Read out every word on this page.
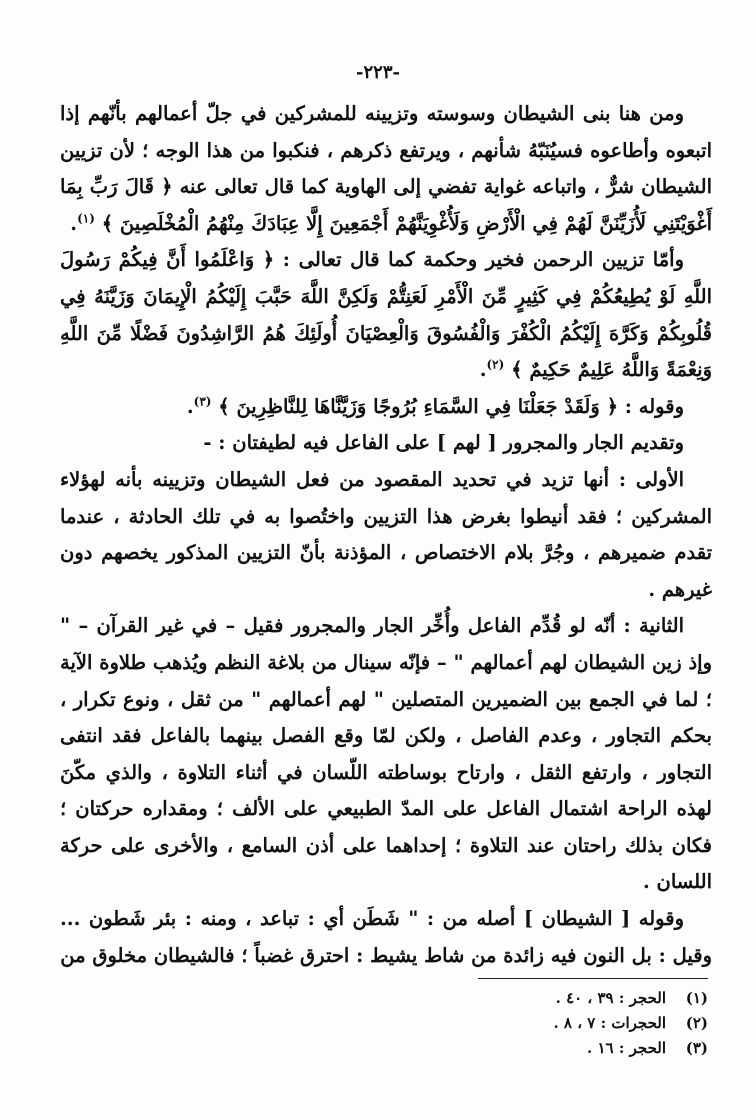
-٢٢٣-

ومن هنا بنى الشيطان وسوسته وتزيينه للمشركين في جلّ أعمالهم بأنّهم إذا اتبعوه وأطاعوه فسيُنَبّهُ شأنهم ، ويرتفع ذكرهم ، فنكبوا من هذا الوجه ؛ لأن تزيين الشيطان شرٌّ ، واتباعه غواية تفضي إلى الهاوية كما قال تعالى عنه ﴿ قَالَ رَبِّ بِمَا أَغْوَيْتَنِي لَأُزَيِّنَنَّ لَهُمْ فِي الْأَرْضِ وَلَأُغْوِيَنَّهُمْ أَجْمَعِينَ إِلَّا عِبَادَكَ مِنْهُمُ الْمُخْلَصِينَ ﴾ $^{(١)}$.

وأمّا تزيين الرحمن فخير وحكمة كما قال تعالى : ﴿ وَاعْلَمُوا أَنَّ فِيكُمْ رَسُولَ اللَّهِ لَوْ يُطِيعُكُمْ فِي كَثِيرٍ مِّنَ الْأَمْرِ لَعَنِتُّمْ وَلَكِنَّ اللَّهَ حَبَّبَ إِلَيْكُمُ الْإِيمَانَ وَزَيَّنَهُ فِي قُلُوبِكُمْ وَكَرَّهَ إِلَيْكُمُ الْكُفْرَ وَالْفُسُوقَ وَالْعِصْيَانَ أُولَئِكَ هُمُ الرَّاشِدُونَ فَضْلًا مِّنَ اللَّهِ وَنِعْمَةً وَاللَّهُ عَلِيمٌ حَكِيمٌ ﴾ $^{(٢)}$.

وقوله : ﴿ وَلَقَدْ جَعَلْنَا فِي السَّمَاءِ بُرُوجًا وَزَيَّنَّاهَا لِلنَّاظِرِينَ ﴾ $^{(٣)}$.

وتقديم الجار والمجرور [ لهم ] على الفاعل فيه لطيفتان : -

الأولى : أنها تزيد في تحديد المقصود من فعل الشيطان وتزيينه بأنه لهؤلاء المشركين ؛ فقد أنيطوا بغرض هذا التزيين واختُصوا به في تلك الحادثة ، عندما تقدم ضميرهم ، وجُرَّ بلام الاختصاص ، المؤذنة بأنّ التزيين المذكور يخصهم دون غيرهم .

الثانية : أنّه لو قُدِّم الفاعل وأُخِّر الجار والمجرور فقيل – في غير القرآن – " وإذ زين الشيطان لهم أعمالهم " – فإنّه سينال من بلاغة النظم ويُذهب طلاوة الآية ؛ لما في الجمع بين الضميرين المتصلين " لهم أعمالهم " من ثقل ، ونوع تكرار ، بحكم التجاور ، وعدم الفاصل ، ولكن لمّا وقع الفصل بينهما بالفاعل فقد انتفى التجاور ، وارتفع الثقل ، وارتاح بوساطته اللّسان في أثناء التلاوة ، والذي مكّنَ لهذه الراحة اشتمال الفاعل على المدّ الطبيعي على الألف ؛ ومقداره حركتان ؛ فكان بذلك راحتان عند التلاوة ؛ إحداهما على أذن السامع ، والأخرى على حركة اللسان .

وقوله [ الشيطان ] أصله من : " شَطَن أي : تباعد ، ومنه : بئر شَطون ... وقيل : بل النون فيه زائدة من شاط يشيط : احترق غضباً ؛ فالشيطان مخلوق من

(١)
الحجر : ٣٩ ، ٤٠ .
(٢)
الحجرات : ٧ ، ٨ .
(٣)
الحجر : ١٦ .
